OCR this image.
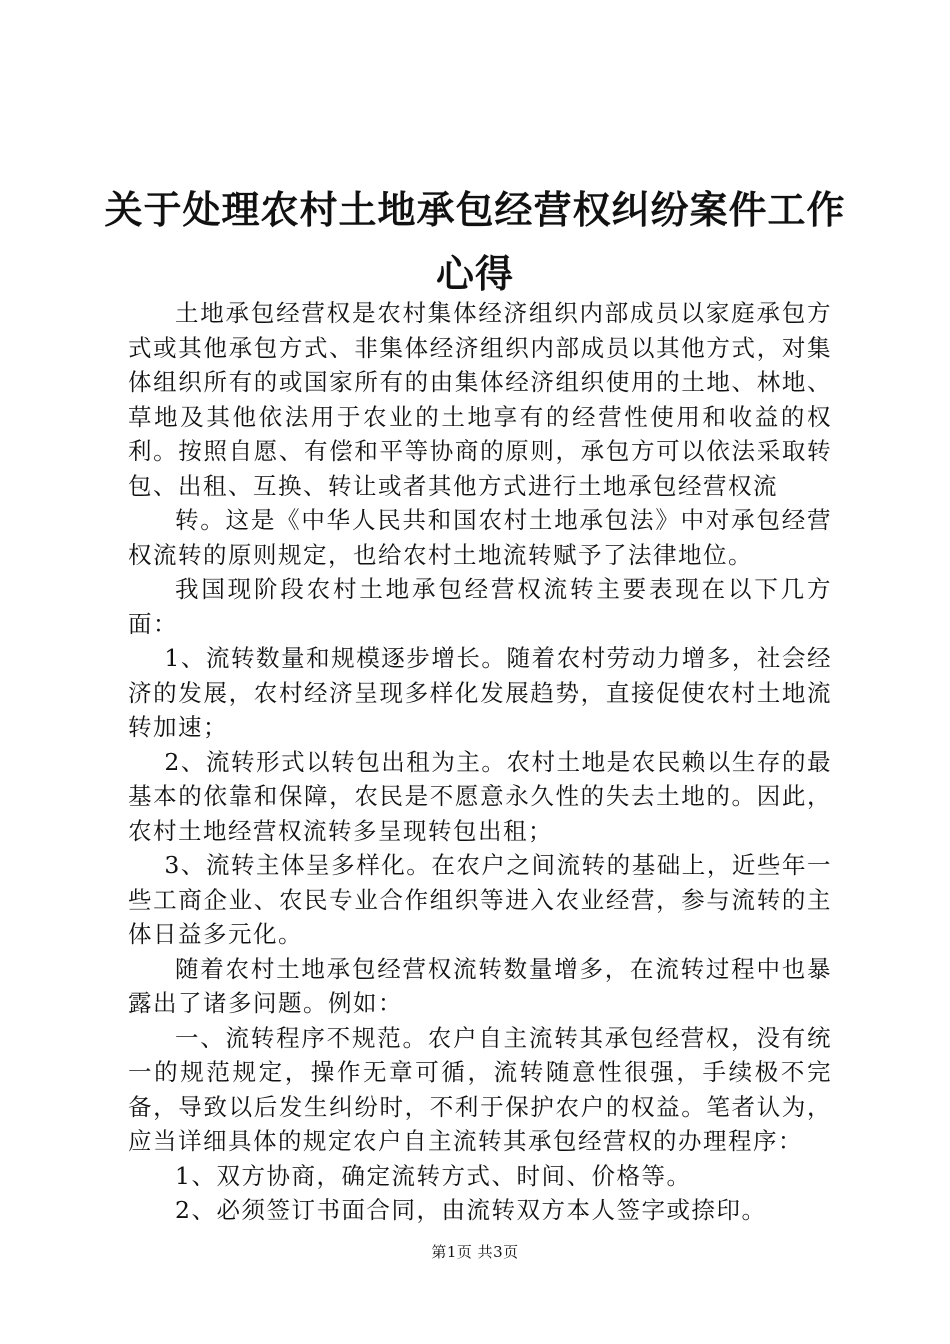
关于处理农村土地承包经营权纠纷案件工作心得

土地承包经营权是农村集体经济组织内部成员以家庭承包方式或其他承包方式、非集体经济组织内部成员以其他方式，对集体组织所有的或国家所有的由集体经济组织使用的土地、林地、草地及其他依法用于农业的土地享有的经营性使用和收益的权利。按照自愿、有偿和平等协商的原则，承包方可以依法采取转包、出租、互换、转让或者其他方式进行土地承包经营权流

转。这是《中华人民共和国农村土地承包法》中对承包经营权流转的原则规定，也给农村土地流转赋予了法律地位。

我国现阶段农村土地承包经营权流转主要表现在以下几方面：

1、流转数量和规模逐步增长。随着农村劳动力增多，社会经济的发展，农村经济呈现多样化发展趋势，直接促使农村土地流转加速；

2、流转形式以转包出租为主。农村土地是农民赖以生存的最基本的依靠和保障，农民是不愿意永久性的失去土地的。因此，农村土地经营权流转多呈现转包出租；

3、流转主体呈多样化。在农户之间流转的基础上，近些年一些工商企业、农民专业合作组织等进入农业经营，参与流转的主体日益多元化。

随着农村土地承包经营权流转数量增多，在流转过程中也暴露出了诸多问题。例如：

一、流转程序不规范。农户自主流转其承包经营权，没有统一的规范规定，操作无章可循，流转随意性很强，手续极不完备，导致以后发生纠纷时，不利于保护农户的权益。笔者认为，应当详细具体的规定农户自主流转其承包经营权的办理程序：

1、双方协商，确定流转方式、时间、价格等。

2、必须签订书面合同，由流转双方本人签字或捺印。

第1页 共3页
